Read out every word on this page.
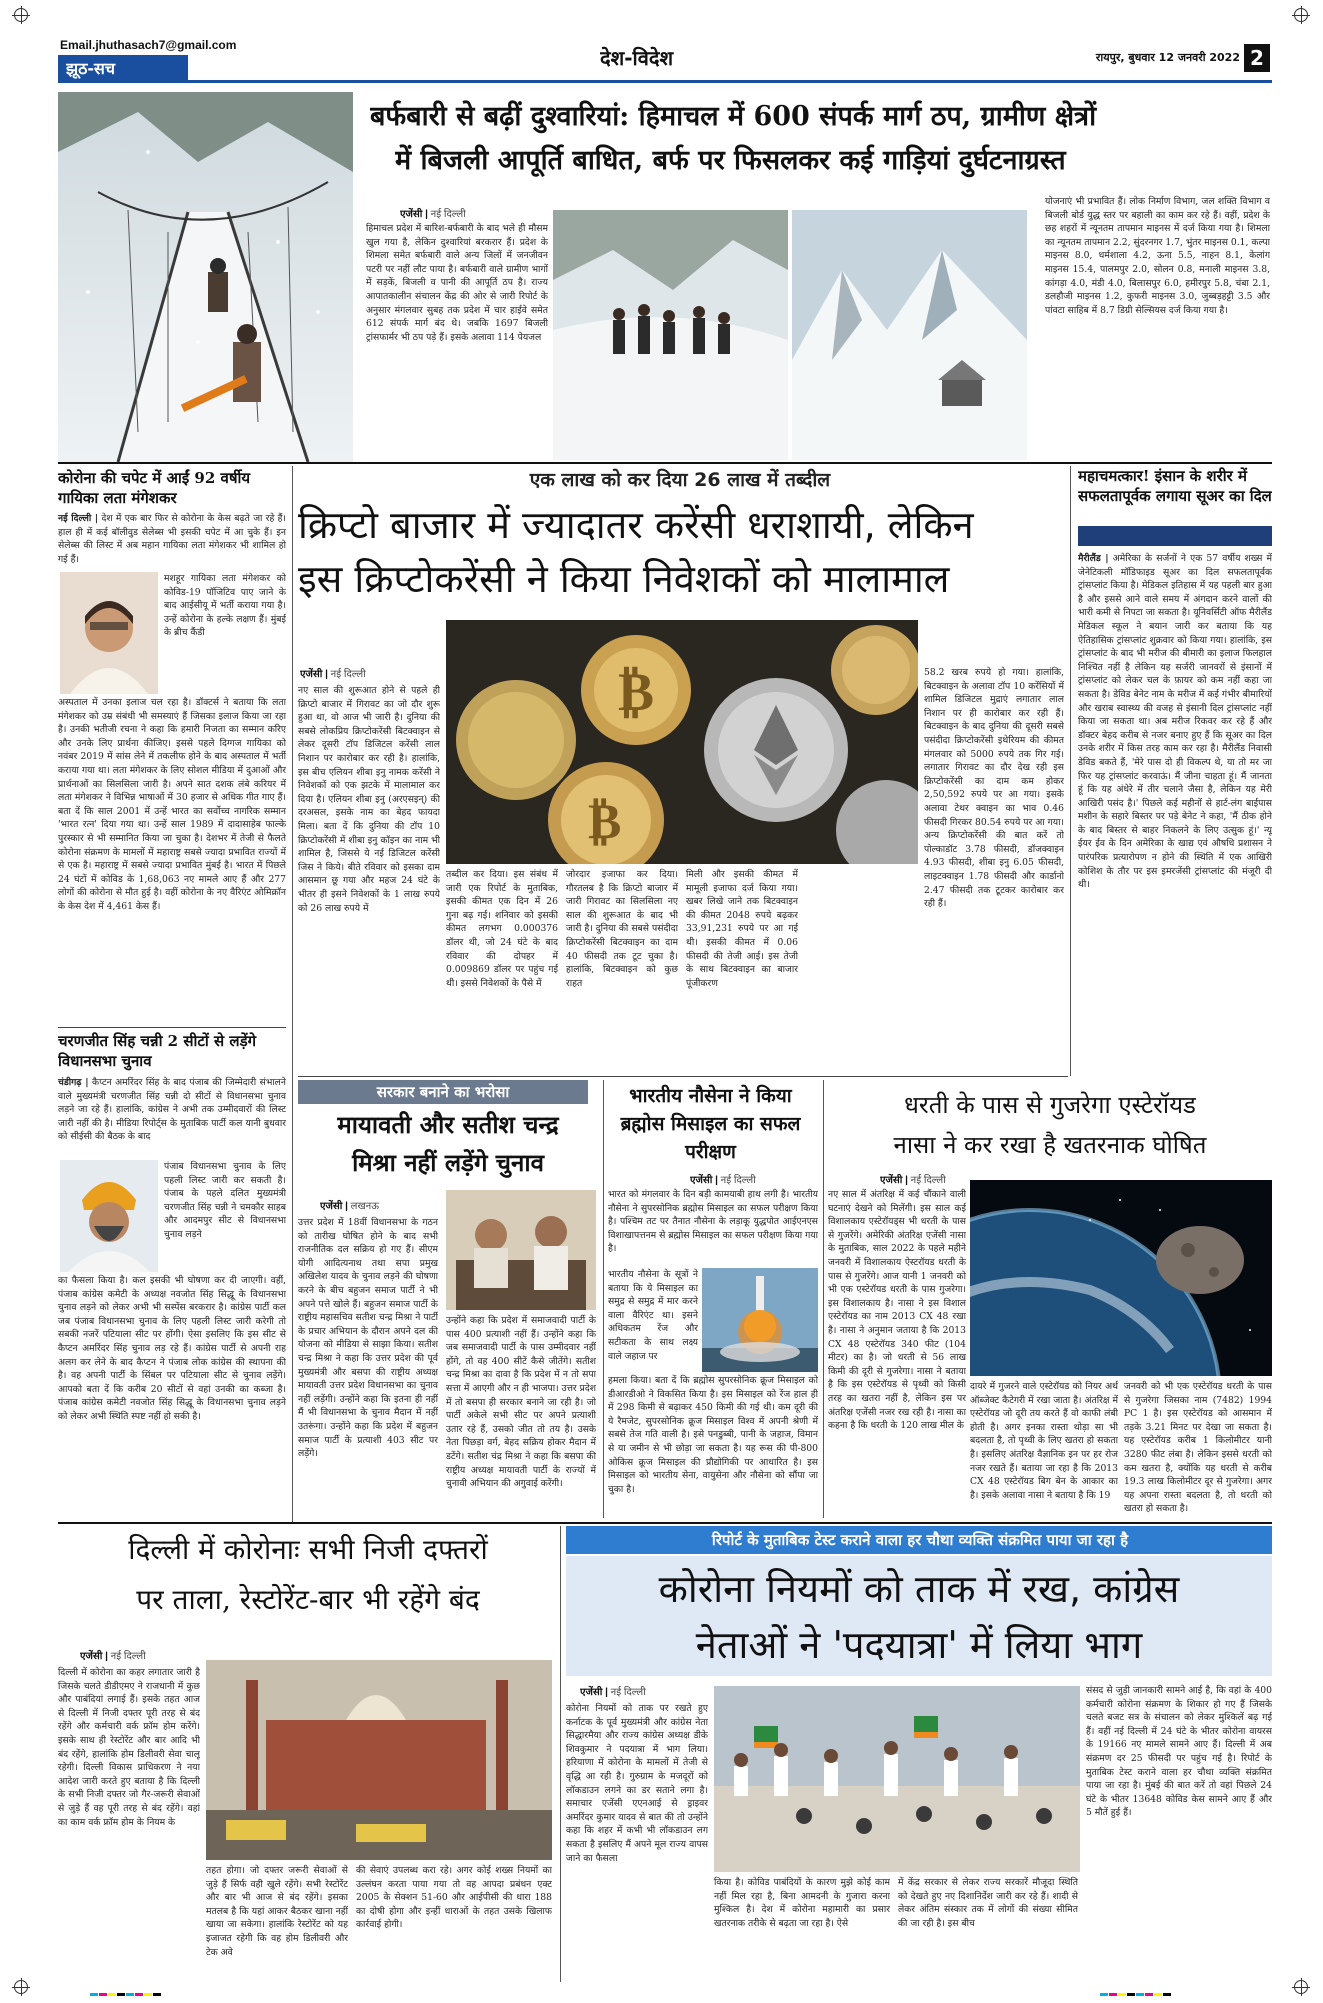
Email.jhuthasach7@gmail.com
झूठ-सच	देश-विदेश	रायपुर, बुधवार 12 जनवरी 2022 2
बर्फबारी से बढ़ीं दुश्वारियां: हिमाचल में 600 संपर्क मार्ग ठप, ग्रामीण क्षेत्रों
में बिजली आपूर्ति बाधित, बर्फ पर फिसलकर कई गाड़ियां दुर्घटनाग्रस्त
एजेंसी | नई दिल्ली
हिमाचल प्रदेश में बारिश-बर्फबारी के बाद भले ही मौसम खुल गया है, लेकिन दुश्वारियां बरकरार हैं। प्रदेश के शिमला समेत बर्फबारी वाले अन्य जिलों में जनजीवन पटरी पर नहीं लौट पाया है। बर्फबारी वाले ग्रामीण भागों में सड़कें, बिजली व पानी की आपूर्ति ठप है। राज्य आपातकालीन संचालन केंद्र की ओर से जारी रिपोर्ट के अनुसार मंगलवार सुबह तक प्रदेश में चार हाईवे समेत 612 संपर्क मार्ग बंद थे। जबकि 1697 बिजली ट्रांसफार्मर भी ठप पड़े हैं। इसके अलावा 114 पेयजल
योजनाएं भी प्रभावित हैं। लोक निर्माण विभाग, जल शक्ति विभाग व बिजली बोर्ड युद्ध स्तर पर बहाली का काम कर रहे हैं। वहीं, प्रदेश के छह शहरों में न्यूनतम तापमान माइनस में दर्ज किया गया है। शिमला का न्यूनतम तापमान 2.2, सुंदरनगर 1.7, भुंतर माइनस 0.1, कल्पा माइनस 8.0, धर्मशाला 4.2, ऊना 5.5, नाहन 8.1, केलांग माइनस 15.4, पालमपुर 2.0, सोलन 0.8, मनाली माइनस 3.8, कांगड़ा 4.0, मंडी 4.0, बिलासपुर 6.0, हमीरपुर 5.8, चंबा 2.1, डलहौजी माइनस 1.2, कुफरी माइनस 3.0, जुब्बड़हट्टी 3.5 और पांवटा साहिब में 8.7 डिग्री सेल्सियस दर्ज किया गया है।
कोरोना की चपेट में आईं 92 वर्षीय गायिका लता मंगेशकर
नई दिल्ली | देश में एक बार फिर से कोरोना के केस बढ़ते जा रहे हैं। हाल ही में कई बॉलीवुड सेलेब्स भी इसकी चपेट में आ चुके हैं। इन सेलेब्स की लिस्ट में अब महान गायिका लता मंगेशकर भी शामिल हो गई हैं।
मशहूर गायिका लता मंगेशकर को कोविड-19 पॉजिटिव पाए जाने के बाद आईसीयू में भर्ती कराया गया है। उन्हें कोरोना के हल्के लक्षण हैं। मुंबई के ब्रीच कैंडी
अस्पताल में उनका इलाज चल रहा है। डॉक्टर्स ने बताया कि लता मंगेशकर को उम्र संबंधी भी समस्याएं हैं जिसका इलाज किया जा रहा है। उनकी भतीजी रचना ने कहा कि हमारी निजता का सम्मान करिए और उनके लिए प्रार्थना कीजिए। इससे पहले दिग्गज गायिका को नवंबर 2019 में सांस लेने में तकलीफ होने के बाद अस्पताल में भर्ती कराया गया था। लता मंगेशकर के लिए सोशल मीडिया में दुआओं और प्रार्थनाओं का सिलसिला जारी है। अपने सात दशक लंबे करियर में लता मंगेशकर ने विभिन्न भाषाओं में 30 हजार से अधिक गीत गाए हैं। बता दें कि साल 2001 में उन्हें भारत का सर्वोच्च नागरिक सम्मान 'भारत रत्न' दिया गया था। उन्हें साल 1989 में दादासाहेब फाल्के पुरस्कार से भी सम्मानित किया जा चुका है। देशभर में तेजी से फैलते कोरोना संक्रमण के मामलों में महाराष्ट्र सबसे ज्यादा प्रभावित राज्यों में से एक है। महाराष्ट्र में सबसे ज्यादा प्रभावित मुंबई है। भारत में पिछले 24 घंटों में कोविड के 1,68,063 नए मामले आए हैं और 277 लोगों की कोरोना से मौत हुई है। वहीं कोरोना के नए वैरिएंट ओमिक्रॉन के केस देश में 4,461 केस हैं।
चरणजीत सिंह चन्नी 2 सीटों से लड़ेंगे विधानसभा चुनाव
चंडीगढ़ | कैप्टन अमरिंदर सिंह के बाद पंजाब की जिम्मेदारी संभालने वाले मुख्यमंत्री चरणजीत सिंह चन्नी दो सीटों से विधानसभा चुनाव लड़ने जा रहे हैं। हालांकि, कांग्रेस ने अभी तक उम्मीदवारों की लिस्ट जारी नहीं की है। मीडिया रिपोर्ट्स के मुताबिक पार्टी कल यानी बुधवार को सीईसी की बैठक के बाद
पंजाब विधानसभा चुनाव के लिए पहली लिस्ट जारी कर सकती है। पंजाब के पहले दलित मुख्यमंत्री चरणजीत सिंह चन्नी ने चमकौर साहब और आदमपुर सीट से विधानसभा चुनाव लड़ने
का फैसला किया है। कल इसकी भी घोषणा कर दी जाएगी। वहीं, पंजाब कांग्रेस कमेटी के अध्यक्ष नवजोत सिंह सिद्धू के विधानसभा चुनाव लड़ने को लेकर अभी भी सस्पेंस बरकरार है। कांग्रेस पार्टी कल जब पंजाब विधानसभा चुनाव के लिए पहली लिस्ट जारी करेगी तो सबकी नजरें पटियाला सीट पर होंगी। ऐसा इसलिए कि इस सीट से कैप्टन अमरिंदर सिंह चुनाव लड़ रहे हैं। कांग्रेस पार्टी से अपनी राह अलग कर लेने के बाद कैप्टन ने पंजाब लोक कांग्रेस की स्थापना की है। वह अपनी पार्टी के सिंबल पर पटियाला सीट से चुनाव लड़ेंगे। आपको बता दें कि करीब 20 सीटों से वहां उनकी का कब्जा है। पंजाब कांग्रेस कमेटी नवजोत सिंह सिद्धू के विधानसभा चुनाव लड़ने को लेकर अभी स्थिति स्पष्ट नहीं हो सकी है।
एक लाख को कर दिया 26 लाख में तब्दील
क्रिप्टो बाजार में ज्यादातर करेंसी धराशायी, लेकिन
इस क्रिप्टोकरेंसी ने किया निवेशकों को मालामाल
एजेंसी | नई दिल्ली
नए साल की शुरूआत होने से पहले ही क्रिप्टो बाजार में गिरावट का जो दौर शुरू हुआ था, वो आज भी जारी है। दुनिया की सबसे लोकप्रिय क्रिप्टोकरेंसी बिटक्वाइन से लेकर दूसरी टॉप डिजिटल करेंसी लाल निशान पर कारोबार कर रही है। हालांकि, इस बीच एलियन शीबा इनु नामक करेंसी ने निवेशकों को एक झटके में मालामाल कर दिया है। एलियन शीबा इनु (अरएसइन्) की दरअसल, इसके नाम का बेहद फायदा मिला। बता दें कि दुनिया की टॉप 10 क्रिप्टोकरेंसी में शीबा इनु कॉइन का नाम भी शामिल है, जिससे ये नई डिजिटल करेंसी जिस ने किये। बीते रविवार को इसका दाम आसमान छू गया और महज 24 घंटे के भीतर ही इसने निवेशकों के 1 लाख रुपये को 26 लाख रुपये में
₿
₿
तब्दील कर दिया। इस संबंध में जारी एक रिपोर्ट के मुताबिक, इसकी कीमत एक दिन में 26 गुना बढ़ गई। शनिवार को इसकी कीमत लगभग 0.000376 डॉलर थी, जो 24 घंटे के बाद रविवार की दोपहर में 0.009869 डॉलर पर पहुंच गई थी। इससे निवेशकों के पैसे में
जोरदार इजाफा कर दिया। गौरतलब है कि क्रिप्टो बाजार में जारी गिरावट का सिलसिला नए साल की शुरूआत के बाद भी जारी है। दुनिया की सबसे पसंदीदा क्रिप्टोकरेंसी बिटक्वाइन का दाम 40 फीसदी तक टूट चुका है। हालांकि, बिटक्वाइन को कुछ राहत
मिली और इसकी कीमत में मामूली इजाफा दर्ज किया गया। खबर लिखे जाने तक बिटक्वाइन की कीमत 2048 रुपये बढ़कर 33,91,231 रुपये पर आ गई थी। इसकी कीमत में 0.06 फीसदी की तेजी आई। इस तेजी के साथ बिटक्वाइन का बाजार पूंजीकरण
58.2 खरब रुपये हो गया। हालांकि, बिटक्वाइन के अलावा टॉप 10 करेंसियों में शामिल डिजिटल मुद्राएं लगातार लाल निशान पर ही कारोबार कर रही हैं। बिटक्वाइन के बाद दुनिया की दूसरी सबसे पसंदीदा क्रिप्टोकरेंसी इथेरियम की कीमत मंगलवार को 5000 रुपये तक गिर गई। लगातार गिरावट का दौर देख रही इस क्रिप्टोकरेंसी का दाम कम होकर 2,50,592 रुपये पर आ गया। इसके अलावा टेथर क्वाइन का भाव 0.46 फीसदी गिरकर 80.54 रुपये पर आ गया। अन्य क्रिप्टोकरेंसी की बात करें तो पोल्काडॉट 3.78 फीसदी, डॉजक्वाइन 4.93 फीसदी, शीबा इनु 6.05 फीसदी, लाइटक्वाइन 1.78 फीसदी और कार्डानो 2.47 फीसदी तक टूटकर कारोबार कर रही हैं।
महाचमत्कार! इंसान के शरीर में सफलतापूर्वक लगाया सूअर का दिल
मैरीलैंड | अमेरिका के सर्जनों ने एक 57 वर्षीय शख्स में जेनेटिकली मॉडिफाइड सूअर का दिल सफलतापूर्वक ट्रांसप्लांट किया है। मेडिकल इतिहास में यह पहली बार हुआ है और इससे आने वाले समय में अंगदान करने वालों की भारी कमी से निपटा जा सकता है। यूनिवर्सिटी ऑफ मैरीलैंड मेडिकल स्कूल ने बयान जारी कर बताया कि यह ऐतिहासिक ट्रांसप्लांट शुक्रवार को किया गया। हालांकि, इस ट्रांसप्लांट के बाद भी मरीज की बीमारी का इलाज फिलहाल निश्चित नहीं है लेकिन यह सर्जरी जानवरों से इंसानों में ट्रांसप्लांट को लेकर चल के फ़ायर को कम नहीं कहा जा सकता है। डेविड बेनेट नाम के मरीज में कई गंभीर बीमारियों और खराब स्वास्थ्य की वजह से इंसानी दिल ट्रांसप्लांट नहीं किया जा सकता था। अब मरीज रिकवर कर रहे हैं और डॉक्टर बेहद करीब से नजर बनाए हुए हैं कि सूअर का दिल उनके शरीर में किस तरह काम कर रहा है। मैरीलैंड निवासी डेविड बकते हैं, 'मेरे पास दो ही विकल्प थे, या तो मर जा फिर यह ट्रांसप्लांट करवाऊं। मैं जीना चाहता हूं। मैं जानता हूं कि यह अंधेरे में तीर चलाने जैसा है, लेकिन यह मेरी आखिरी पसंद है।' पिछले कई महीनों से हार्ट-लंग बाईपास मशीन के सहारे बिस्तर पर पड़े बेनेट ने कहा, 'मैं ठीक होने के बाद बिस्तर से बाहर निकलने के लिए उत्सुक हूं।' न्यू ईयर ईव के दिन अमेरिका के खाद्य एवं औषधि प्रशासन ने पारंपरिक प्रत्यारोपण न होने की स्थिति में एक आखिरी कोशिश के तौर पर इस इमरजेंसी ट्रांसप्लांट की मंजूरी दी थी।
सरकार बनाने का भरोसा
मायावती और सतीश चन्द्र
मिश्रा नहीं लड़ेंगे चुनाव
एजेंसी | लखनऊ
उत्तर प्रदेश में 18वीं विधानसभा के गठन को तारीख घोषित होने के बाद सभी राजनीतिक दल सक्रिय हो गए हैं। सीएम योगी आदित्यनाथ तथा सपा प्रमुख अखिलेश यादव के चुनाव लड़ने की घोषणा करने के बीच बहुजन समाज पार्टी ने भी अपने पत्ते खोले हैं। बहुजन समाज पार्टी के राष्ट्रीय महासचिव सतीश चन्द्र मिश्रा ने पार्टी के प्रचार अभियान के दौरान अपने दल की योजना को मीडिया से साझा किया। सतीश चन्द्र मिश्रा ने कहा कि उत्तर प्रदेश की पूर्व मुख्यमंत्री और बसपा की राष्ट्रीय अध्यक्ष मायावती उत्तर प्रदेश विधानसभा का चुनाव नहीं लड़ेंगी। उन्होंने कहा कि इतना ही नहीं मैं भी विधानसभा के चुनाव मैदान में नहीं उतरूंगा। उन्होंने कहा कि प्रदेश में बहुजन समाज पार्टी के प्रत्याशी 403 सीट पर लड़ेंगे।
उन्होंने कहा कि प्रदेश में समाजवादी पार्टी के पास 400 प्रत्याशी नहीं हैं। उन्होंने कहा कि जब समाजवादी पार्टी के पास उम्मीदवार नहीं होंगे, तो वह 400 सीटें कैसे जीतेंगे। सतीश चन्द्र मिश्रा का दावा है कि प्रदेश में न तो सपा सत्ता में आएगी और न ही भाजपा। उत्तर प्रदेश में तो बसपा ही सरकार बनाने जा रही है। जो पार्टी अकेले सभी सीट पर अपने प्रत्याशी उतार रहे हैं, उसको जीत तो तय है। उसके नेता पिछड़ा वर्ग, बेहद सक्रिय होकर मैदान में डटेंगे। सतीश चंद्र मिश्रा ने कहा कि बसपा की राष्ट्रीय अध्यक्ष मायावती पार्टी के राज्यों में चुनावी अभियान की अगुवाई करेंगी।
भारतीय नौसेना ने किया ब्रह्मोस मिसाइल का सफल परीक्षण
एजेंसी | नई दिल्ली
भारत को मंगलवार के दिन बड़ी कामयाबी हाथ लगी है। भारतीय नौसेना ने सुपरसोनिक ब्रह्मोस मिसाइल का सफल परीक्षण किया है। पश्चिम तट पर तैनात नौसेना के लड़ाकू युद्धपोत आईएनएस विशाखापत्तनम से ब्रह्मोस मिसाइल का सफल परीक्षण किया गया है।
भारतीय नौसेना के सूत्रों ने बताया कि ये मिसाइल का समुद्र से समुद्र में मार करने वाला वैरिएंट था। इसने अधिकतम रेंज और सटीकता के साथ लक्ष्य वाले जहाज पर
हमला किया। बता दें कि ब्रह्मोस सुपरसोनिक क्रूज मिसाइल को डीआरडीओ ने विकसित किया है। इस मिसाइल को रेंज हाल ही में 298 किमी से बढ़ाकर 450 किमी की गई थी। कम दूरी की ये रैमजेट, सुपरसोनिक क्रूज मिसाइल विश्व में अपनी श्रेणी में सबसे तेज गति वाली है। इसे पनडुब्बी, पानी के जहाज, विमान से या जमीन से भी छोड़ा जा सकता है। यह रूस की पी-800 ओकिस क्रूज मिसाइल की प्रौद्योगिकी पर आधारित है। इस मिसाइल को भारतीय सेना, वायुसेना और नौसेना को सौंपा जा चुका है।
धरती के पास से गुजरेगा एस्टेरॉयड
नासा ने कर रखा है खतरनाक घोषित
एजेंसी | नई दिल्ली
नए साल में अंतरिक्ष में कई चौंकाने वाली घटनाएं देखने को मिलेंगी। इस साल कई विशालकाय एस्टेरॉयड्स भी धरती के पास से गुजरेंगे। अमेरिकी अंतरिक्ष एजेंसी नासा के मुताबिक, साल 2022 के पहले महीने जनवरी में विशालकाय ऐस्टरॉयड धरती के पास से गुजरेंगे। आज यानी 1 जनवरी को भी एक एस्टेरॉयड धरती के पास गुजरेगा। इस विशालकाय है। नासा ने इस विशाल एस्टेरॉयड का नाम 2013 CX 48 रखा है। नासा ने अनुमान जताया है कि 2013 CX 48 एस्टेरॉयड 340 फीट (104 मीटर) का है। जो धरती से 56 लाख किमी की दूरी से गुजरेगा। नासा ने बताया है कि इस एस्टेरॉयड से पृथ्वी को किसी तरह का खतरा नहीं है, लेकिन इस पर अंतरिक्ष एजेंसी नजर रख रही है। नासा का कहना है कि धरती के 120 लाख मील के
दायरे में गुजरने वाले एस्टेरॉयड को नियर अर्थ ऑब्जेक्ट कैटेगरी में रखा जाता है। अंतरिक्ष में एस्टेरॉयड जो दूरी तय करते हैं वो काफी लंबी होती है। अगर इनका रास्ता थोड़ा सा भी बदलता है, तो पृथ्वी के लिए खतरा हो सकता है। इसलिए अंतरिक्ष वैज्ञानिक इन पर हर रोज नजर रखते हैं। बताया जा रहा है कि 2013 CX 48 एस्टेरॉयड बिग बेन के आकार का है। इसके अलावा नासा ने बताया है कि 19
जनवरी को भी एक एस्टेरॉयड धरती के पास से गुजरेगा जिसका नाम (7482) 1994 PC 1 है। इस एस्टेरॉयड को आसमान में तड़के 3.21 मिनट पर देखा जा सकता है। यह एस्टेरॉयड करीब 1 किलोमीटर यानी 3280 फीट लंबा है। लेकिन इससे धरती को कम खतरा है, क्योंकि यह धरती से करीब 19.3 लाख किलोमीटर दूर से गुजरेगा। अगर यह अपना रास्ता बदलता है, तो धरती को खतरा हो सकता है।
दिल्ली में कोरोनाः सभी निजी दफ्तरों
पर ताला, रेस्टोरेंट-बार भी रहेंगे बंद
एजेंसी | नई दिल्ली
दिल्ली में कोरोना का कहर लगातार जारी है जिसके चलते डीडीएमए ने राजधानी में कुछ और पाबंदियां लगाई हैं। इसके तहत आज से दिल्ली में निजी दफ्तर पूरी तरह से बंद रहेंगे और कर्मचारी वर्क फ्रॉम होम करेंगे। इसके साथ ही रेस्टोरेंट और बार आदि भी बंद रहेंगे, हालांकि होम डिलीवरी सेवा चालू रहेगी। दिल्ली विकास प्राधिकरण ने नया आदेश जारी करते हुए बताया है कि दिल्ली के सभी निजी दफ्तर जो गैर-जरूरी सेवाओं से जुड़े हैं वह पूरी तरह से बंद रहेंगे। वहां का काम वर्क फ्रॉम होम के नियम के
तहत होगा। जो दफ्तर जरूरी सेवाओं से जुड़े हैं सिर्फ वही खुले रहेंगे। सभी रेस्टोरेंट और बार भी आज से बंद रहेंगे। इसका मतलब है कि यहां आकर बैठकर खाना नहीं खाया जा सकेगा। हालांकि रेस्टोरेंट को यह इजाजत रहेगी कि वह होम डिलीवरी और टेक अवे
की सेवाएं उपलब्ध करा रहे। अगर कोई शख्स नियमों का उल्लंघन करता पाया गया तो वह आपदा प्रबंधन एक्ट 2005 के सेक्शन 51-60 और आईपीसी की धारा 188 का दोषी होगा और इन्हीं धाराओं के तहत उसके खिलाफ कार्रवाई होगी।
रिपोर्ट के मुताबिक टेस्ट कराने वाला हर चौथा व्यक्ति संक्रमित पाया जा रहा है
कोरोना नियमों को ताक में रख, कांग्रेस
नेताओं ने 'पदयात्रा' में लिया भाग
एजेंसी | नई दिल्ली
कोरोना नियमों को ताक पर रखते हुए कर्नाटक के पूर्व मुख्यमंत्री और कांग्रेस नेता सिद्धारमैया और राज्य कांग्रेस अध्यक्ष डीके शिवकुमार ने पदयात्रा में भाग लिया। हरियाणा में कोरोना के मामलों में तेजी से वृद्धि आ रही है। गुरुग्राम के मजदूरों को लॉकडाउन लगने का डर सताने लगा है। समाचार एजेंसी एएनआई से ड्राइवर अमरिंदर कुमार यादव से बात की तो उन्होंने कहा कि शहर में कभी भी लॉकडाउन लग सकता है इसलिए मैं अपने मूल राज्य वापस जाने का फैसला
किया है। कोविड पाबंदियों के कारण मुझे कोई काम नहीं मिल रहा है, बिना आमदनी के गुजारा करना मुश्किल है। देश में कोरोना महामारी का प्रसार खतरनाक तरीके से बढ़ता जा रहा है। ऐसे
में केंद्र सरकार से लेकर राज्य सरकारें मौजूदा स्थिति को देखते हुए नए दिशानिर्देश जारी कर रहे हैं। शादी से लेकर अंतिम संस्कार तक में लोगों की संख्या सीमित की जा रही है। इस बीच
संसद से जुड़ी जानकारी सामने आई है, कि वहां के 400 कर्मचारी कोरोना संक्रमण के शिकार हो गए हैं जिसके चलते बजट सत्र के संचालन को लेकर मुश्किलें बढ़ गई हैं। वहीं नई दिल्ली में 24 घंटे के भीतर कोरोना वायरस के 19166 नए मामले सामने आए हैं। दिल्ली में अब संक्रमण दर 25 फीसदी पर पहुंच गई है। रिपोर्ट के मुताबिक टेस्ट कराने वाला हर चौथा व्यक्ति संक्रमित पाया जा रहा है। मुंबई की बात करें तो वहां पिछले 24 घंटे के भीतर 13648 कोविड केस सामने आए हैं और 5 मौतें हुई हैं।
